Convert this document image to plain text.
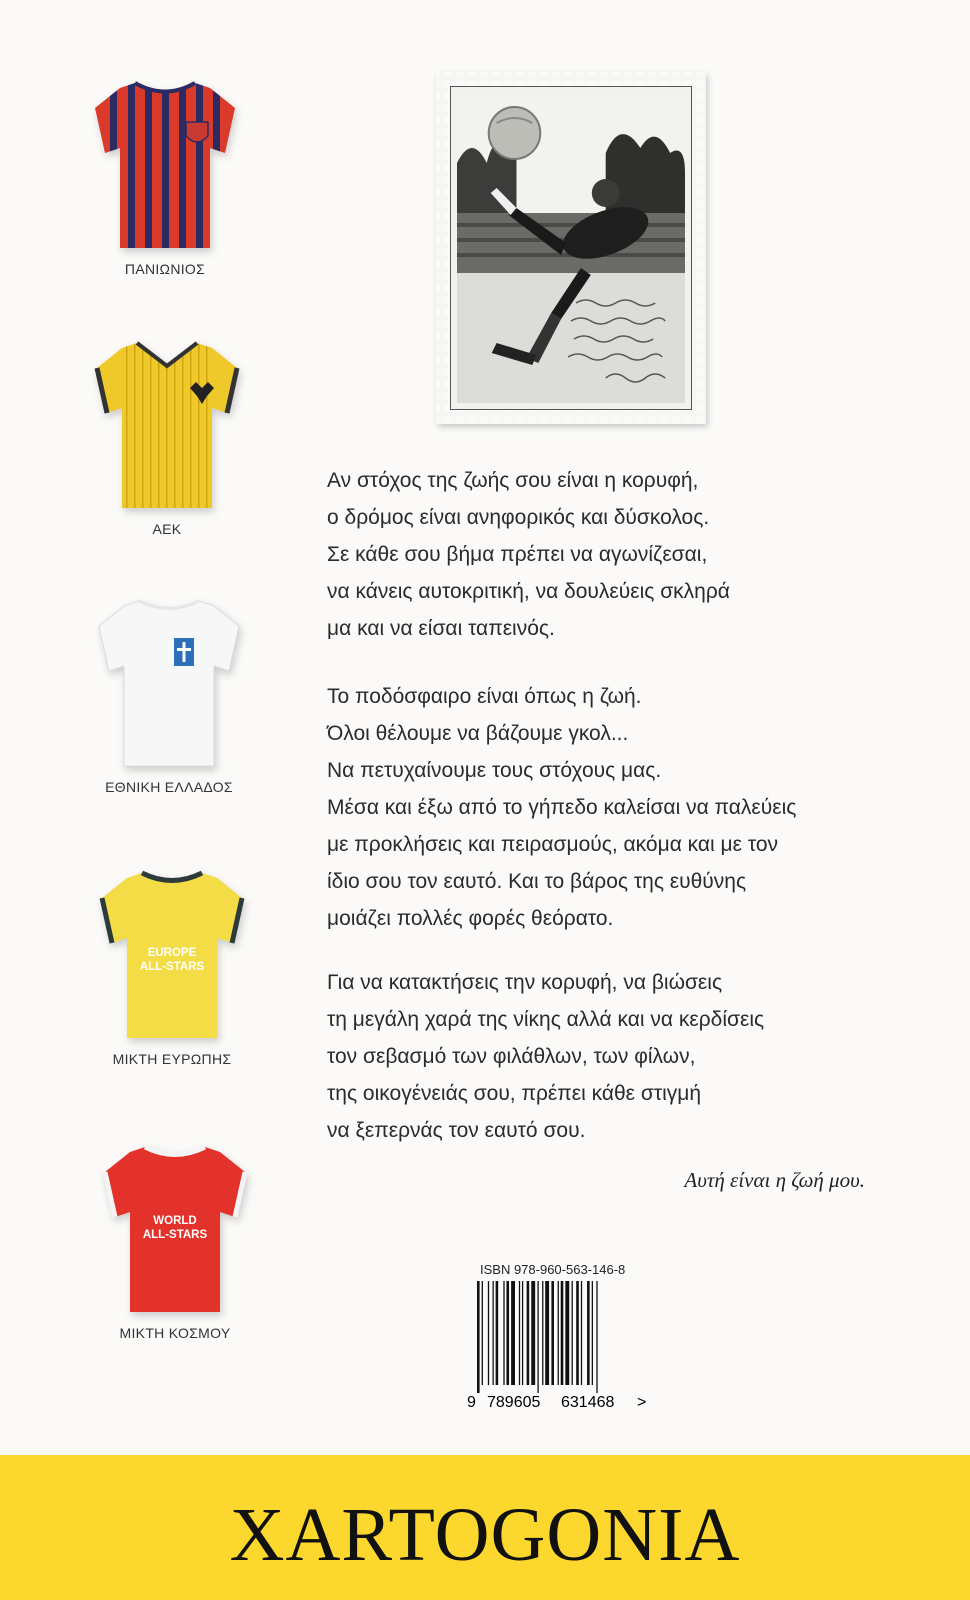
ΠΑΝΙΩΝΙΟΣ
ΑΕΚ
ΕΘΝΙΚΗ ΕΛΛΑΔΟΣ
EUROPE
ALL-STARS
ΜΙΚΤΗ ΕΥΡΩΠΗΣ
WORLD
ALL-STARS
ΜΙΚΤΗ ΚΟΣΜΟΥ
Αν στόχος της ζωής σου είναι η κορυφή,
ο δρόμος είναι ανηφορικός και δύσκολος.
Σε κάθε σου βήμα πρέπει να αγωνίζεσαι,
να κάνεις αυτοκριτική, να δουλεύεις σκληρά
μα και να είσαι ταπεινός.
Το ποδόσφαιρο είναι όπως η ζωή.
Όλοι θέλουμε να βάζουμε γκολ...
Να πετυχαίνουμε τους στόχους μας.
Μέσα και έξω από το γήπεδο καλείσαι να παλεύεις
με προκλήσεις και πειρασμούς, ακόμα και με τον
ίδιο σου τον εαυτό. Και το βάρος της ευθύνης
μοιάζει πολλές φορές θεόρατο.
Για να κατακτήσεις την κορυφή, να βιώσεις
τη μεγάλη χαρά της νίκης αλλά και να κερδίσεις
τον σεβασμό των φιλάθλων, των φίλων,
της οικογένειάς σου, πρέπει κάθε στιγμή
να ξεπερνάς τον εαυτό σου.
Αυτή είναι η ζωή μου.
ISBN 978-960-563-146-8
9 789605 631468 >
XARTOGONIA
